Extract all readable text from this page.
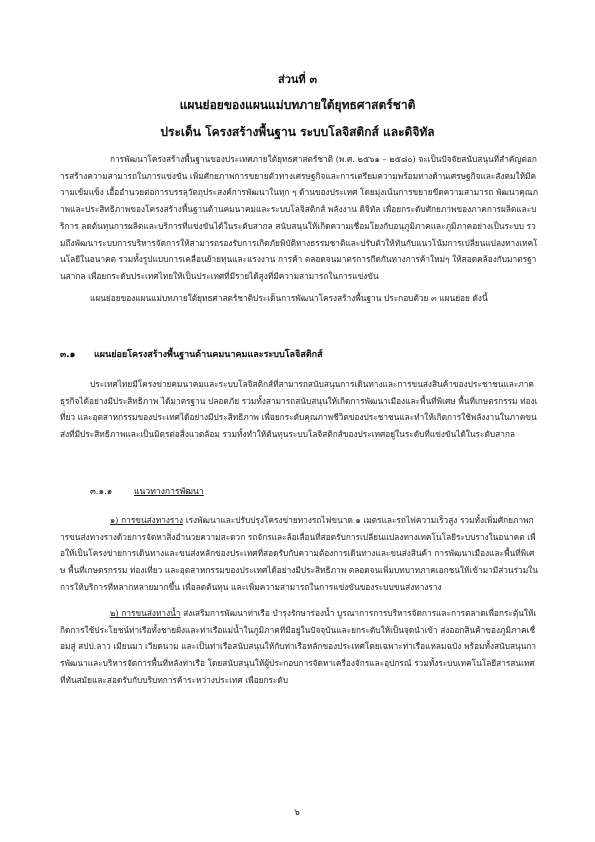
ส่วนที่ ๓
แผนย่อยของแผนแม่บทภายใต้ยุทธศาสตร์ชาติ
ประเด็น โครงสร้างพื้นฐาน ระบบโลจิสติกส์ และดิจิทัล
การพัฒนาโครงสร้างพื้นฐานของประเทศภายใต้ยุทธศาสตร์ชาติ (พ.ศ. ๒๕๖๑ – ๒๕๘๐) จะเป็นปัจจัยสนับสนุนที่สำคัญต่อการสร้างความสามารถในการแข่งขัน เพิ่มศักยภาพการขยายตัวทางเศรษฐกิจและการเตรียมความพร้อมทางด้านเศรษฐกิจและสังคมให้มีความเข้มแข็ง เอื้ออำนวยต่อการบรรลุวัตถุประสงค์การพัฒนาในทุก ๆ ด้านของประเทศ โดยมุ่งเน้นการขยายขีดความสามารถ พัฒนาคุณภาพและประสิทธิภาพของโครงสร้างพื้นฐานด้านคมนาคมและระบบโลจิสติกส์ พลังงาน ดิจิทัล เพื่อยกระดับศักยภาพของภาคการผลิตและบริการ ลดต้นทุนการผลิตและบริการที่แข่งขันได้ในระดับสากล สนับสนุนให้เกิดความเชื่อมโยงกับอนุภูมิภาคและภูมิภาคอย่างเป็นระบบ รวมถึงพัฒนาระบบการบริหารจัดการให้สามารถรองรับการเกิดภัยพิบัติทางธรรมชาติและปรับตัวให้ทันกับแนวโน้มการเปลี่ยนแปลงทางเทคโนโลยีในอนาคต รวมทั้งรูปแบบการเคลื่อนย้ายทุนและแรงงาน การค้า ตลอดจนมาตรการกีดกันทางการค้าใหม่ๆ ให้สอดคล้องกับมาตรฐานสากล เพื่อยกระดับประเทศไทยให้เป็นประเทศที่มีรายได้สูงที่มีความสามารถในการแข่งขัน
แผนย่อยของแผนแม่บทภายใต้ยุทธศาสตร์ชาติประเด็นการพัฒนาโครงสร้างพื้นฐาน ประกอบด้วย ๓ แผนย่อย ดังนี้
๓.๑ แผนย่อยโครงสร้างพื้นฐานด้านคมนาคมและระบบโลจิสติกส์
ประเทศไทยมีโครงข่ายคมนาคมและระบบโลจิสติกส์ที่สามารถสนับสนุนการเดินทางและการขนส่งสินค้าของประชาชนและภาคธุรกิจได้อย่างมีประสิทธิภาพ ได้มาตรฐาน ปลอดภัย รวมทั้งสามารถสนับสนุนให้เกิดการพัฒนาเมืองและพื้นที่พิเศษ พื้นที่เกษตรกรรม ท่องเที่ยว และอุตสาหกรรมของประเทศได้อย่างมีประสิทธิภาพ เพื่อยกระดับคุณภาพชีวิตของประชาชนและทำให้เกิดการใช้พลังงานในภาคขนส่งที่มีประสิทธิภาพและเป็นมิตรต่อสิ่งแวดล้อม รวมทั้งทำให้ต้นทุนระบบโลจิสติกส์ของประเทศอยู่ในระดับที่แข่งขันได้ในระดับสากล
๓.๑.๑	แนวทางการพัฒนา
๑) การขนส่งทางราง เร่งพัฒนาและปรับปรุงโครงข่ายทางรถไฟขนาด ๑ เมตรและรถไฟความเร็วสูง รวมทั้งเพิ่มศักยภาพการขนส่งทางรางด้วยการจัดหาสิ่งอำนวยความสะดวก รถจักรและล้อเลื่อนที่สอดรับการเปลี่ยนแปลงทางเทคโนโลยีระบบรางในอนาคต เพื่อให้เป็นโครงข่ายการเดินทางและขนส่งหลักของประเทศที่สอดรับกับความต้องการเดินทางและขนส่งสินค้า การพัฒนาเมืองและพื้นที่พิเศษ พื้นที่เกษตรกรรม ท่องเที่ยว และอุตสาหกรรมของประเทศได้อย่างมีประสิทธิภาพ ตลอดจนเพิ่มบทบาทภาคเอกชนให้เข้ามามีส่วนร่วมในการให้บริการที่หลากหลายมากขึ้น เพื่อลดต้นทุน และเพิ่มความสามารถในการแข่งขันของระบบขนส่งทางราง
๒) การขนส่งทางน้ำ ส่งเสริมการพัฒนาท่าเรือ บำรุงรักษาร่องน้ำ บูรณาการการบริหารจัดการและการตลาดเพื่อกระตุ้นให้เกิดการใช้ประโยชน์ท่าเรือทั้งชายฝั่งและท่าเรือแม่น้ำในภูมิภาคที่มีอยู่ในปัจจุบันและยกระดับให้เป็นจุดนำเข้า ส่งออกสินค้าของภูมิภาคเชื่อมสู่ สปป.ลาว เมียนมา เวียดนาม และเป็นท่าเรือสนับสนุนให้กับท่าเรือหลักของประเทศโดยเฉพาะท่าเรือแหลมฉบัง พร้อมทั้งสนับสนุนการพัฒนาและบริหารจัดการพื้นที่หลังท่าเรือ โดยสนับสนุนให้ผู้ประกอบการจัดหาเครื่องจักรและอุปกรณ์ รวมทั้งระบบเทคโนโลยีสารสนเทศที่ทันสมัยและสอดรับกับบริบทการค้าระหว่างประเทศ เพื่อยกระดับ
๖
